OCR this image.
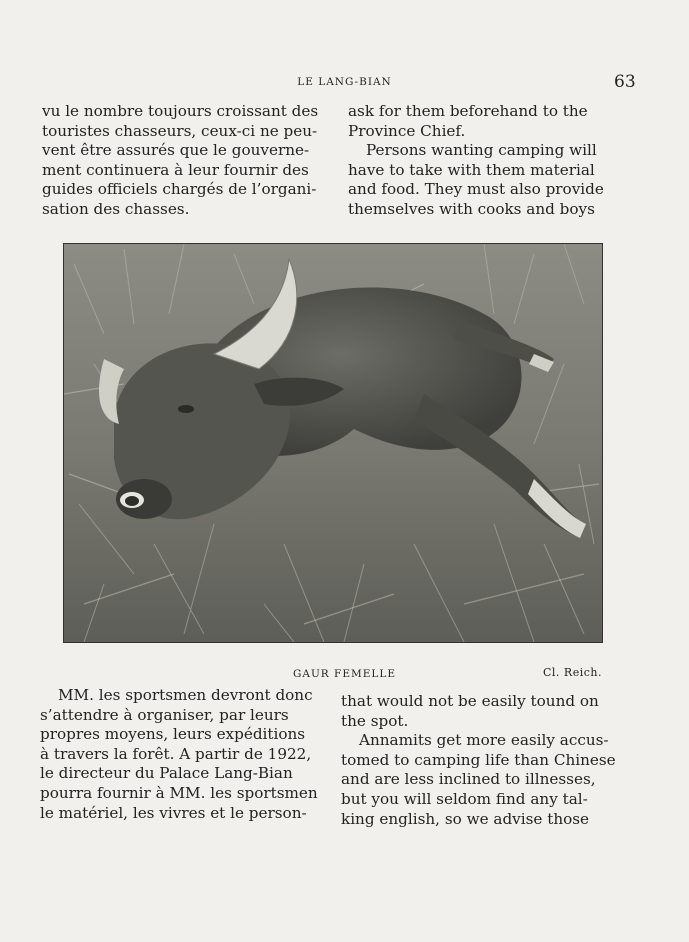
LE LANG-BIAN	63

vu le nombre toujours croissant des

touristes chasseurs, ceux-ci ne peu-

vent être assurés que le gouverne-

ment continuera à leur fournir des

guides officiels chargés de l’organi-

sation des chasses.

ask for them beforehand to the

Province Chief.

Persons wanting camping will

have to take with them material

and food. They must also provide

themselves with cooks and boys

GAUR FEMELLE	Cl. Reich.

MM. les sportsmen devront donc

s’attendre à organiser, par leurs

propres moyens, leurs expéditions

à travers la forêt. A partir de 1922,

le directeur du Palace Lang-Bian

pourra fournir à MM. les sportsmen

le matériel, les vivres et le person-

that would not be easily tound on

the spot.

Annamits get more easily accus-

tomed to camping life than Chinese

and are less inclined to illnesses,

but you will seldom find any tal-

king english, so we advise those
